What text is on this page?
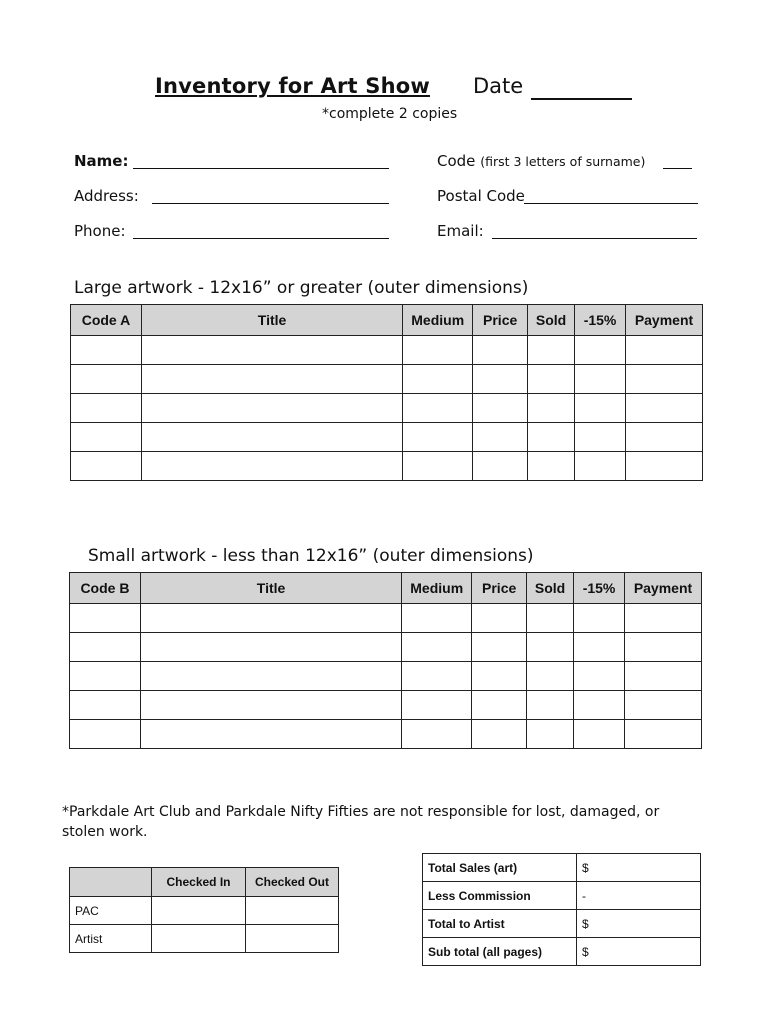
Inventory for Art Show Date
*complete 2 copies
Name:
Address:
Phone:
Code (first 3 letters of surname)
Postal Code
Email:
Large artwork - 12x16” or greater (outer dimensions)
Code A	Title	Medium	Price	Sold	-15%	Payment

Small artwork - less than 12x16” (outer dimensions)
Code B	Title	Medium	Price	Sold	-15%	Payment

*Parkdale Art Club and Parkdale Nifty Fifties are not responsible for lost, damaged, or stolen work.
	Checked In	Checked Out
PAC		
Artist		
Total Sales (art)	$
Less Commission	-
Total to Artist	$
Sub total (all pages)	$
